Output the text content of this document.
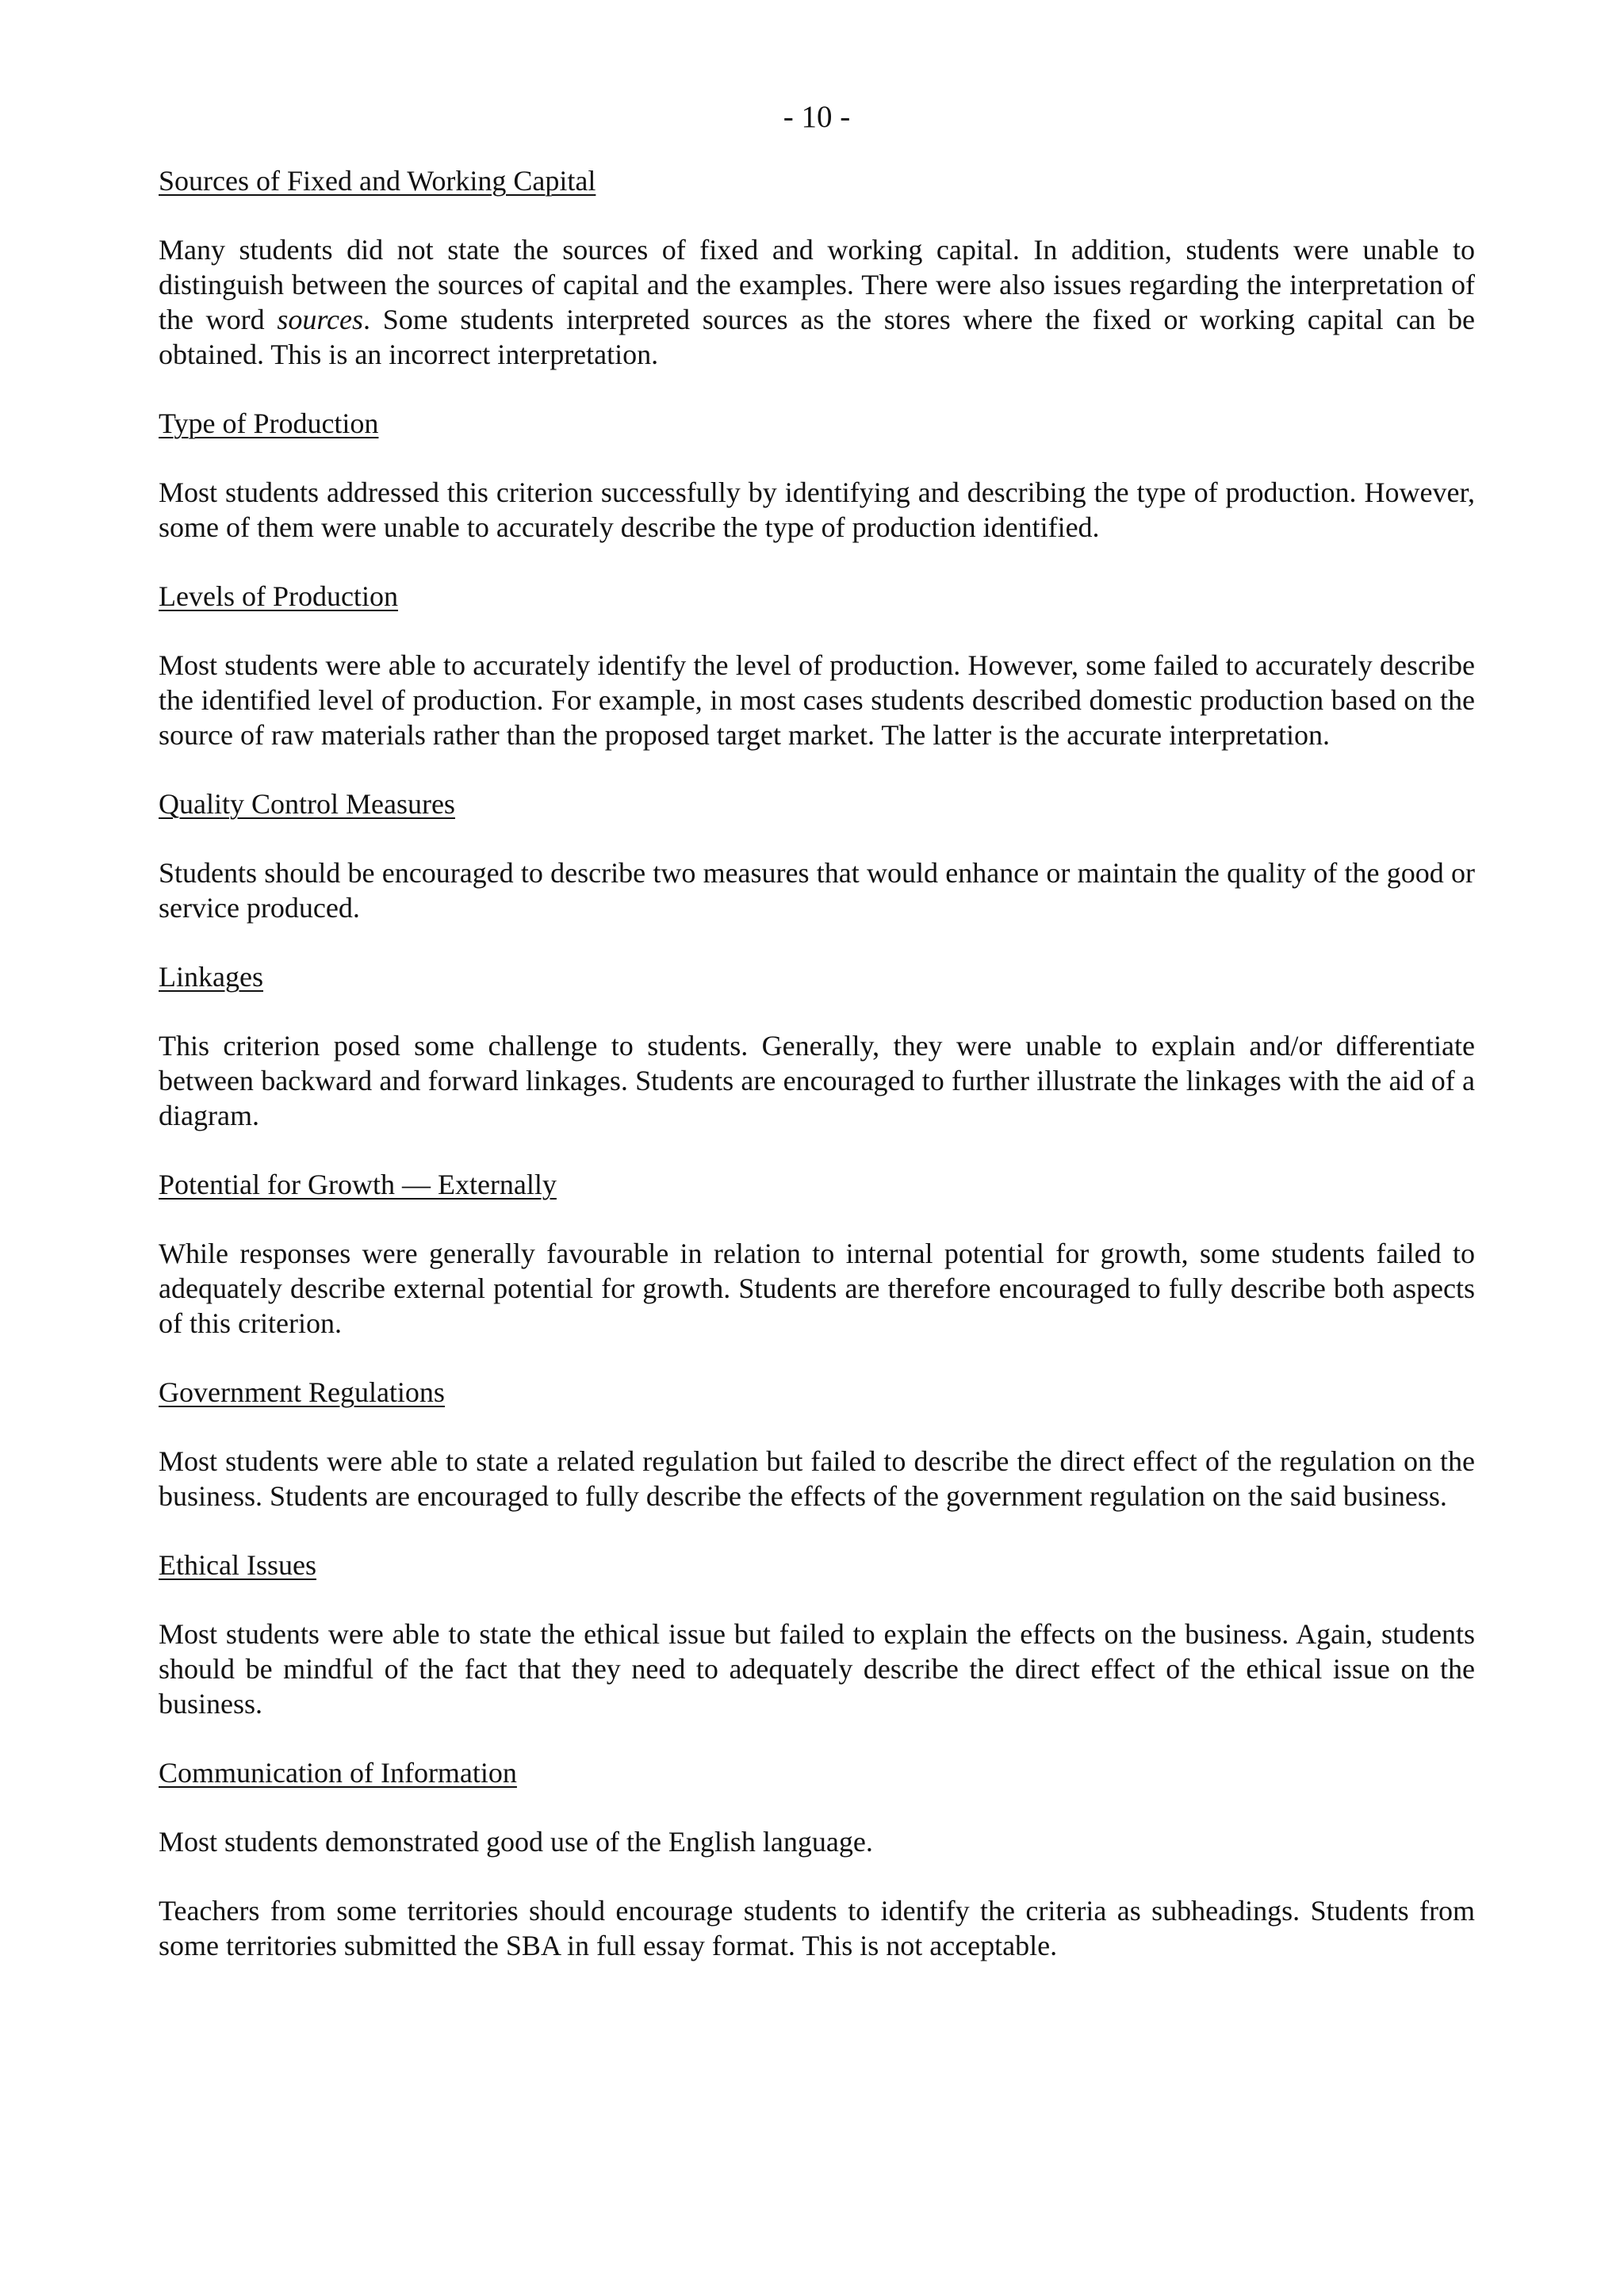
- 10 -
Sources of Fixed and Working Capital

Many students did not state the sources of fixed and working capital. In addition, students were unable to distinguish between the sources of capital and the examples. There were also issues regarding the interpretation of the word sources. Some students interpreted sources as the stores where the fixed or working capital can be obtained. This is an incorrect interpretation.

Type of Production

Most students addressed this criterion successfully by identifying and describing the type of production. However, some of them were unable to accurately describe the type of production identified.

Levels of Production

Most students were able to accurately identify the level of production. However, some failed to accurately describe the identified level of production. For example, in most cases students described domestic production based on the source of raw materials rather than the proposed target market. The latter is the accurate interpretation.

Quality Control Measures

Students should be encouraged to describe two measures that would enhance or maintain the quality of the good or service produced.

Linkages

This criterion posed some challenge to students. Generally, they were unable to explain and/or differentiate between backward and forward linkages. Students are encouraged to further illustrate the linkages with the aid of a diagram.

Potential for Growth — Externally

While responses were generally favourable in relation to internal potential for growth, some students failed to adequately describe external potential for growth. Students are therefore encouraged to fully describe both aspects of this criterion.

Government Regulations

Most students were able to state a related regulation but failed to describe the direct effect of the regulation on the business. Students are encouraged to fully describe the effects of the government regulation on the said business.

Ethical Issues

Most students were able to state the ethical issue but failed to explain the effects on the business. Again, students should be mindful of the fact that they need to adequately describe the direct effect of the ethical issue on the business.

Communication of Information

Most students demonstrated good use of the English language.

Teachers from some territories should encourage students to identify the criteria as subheadings. Students from some territories submitted the SBA in full essay format. This is not acceptable.
